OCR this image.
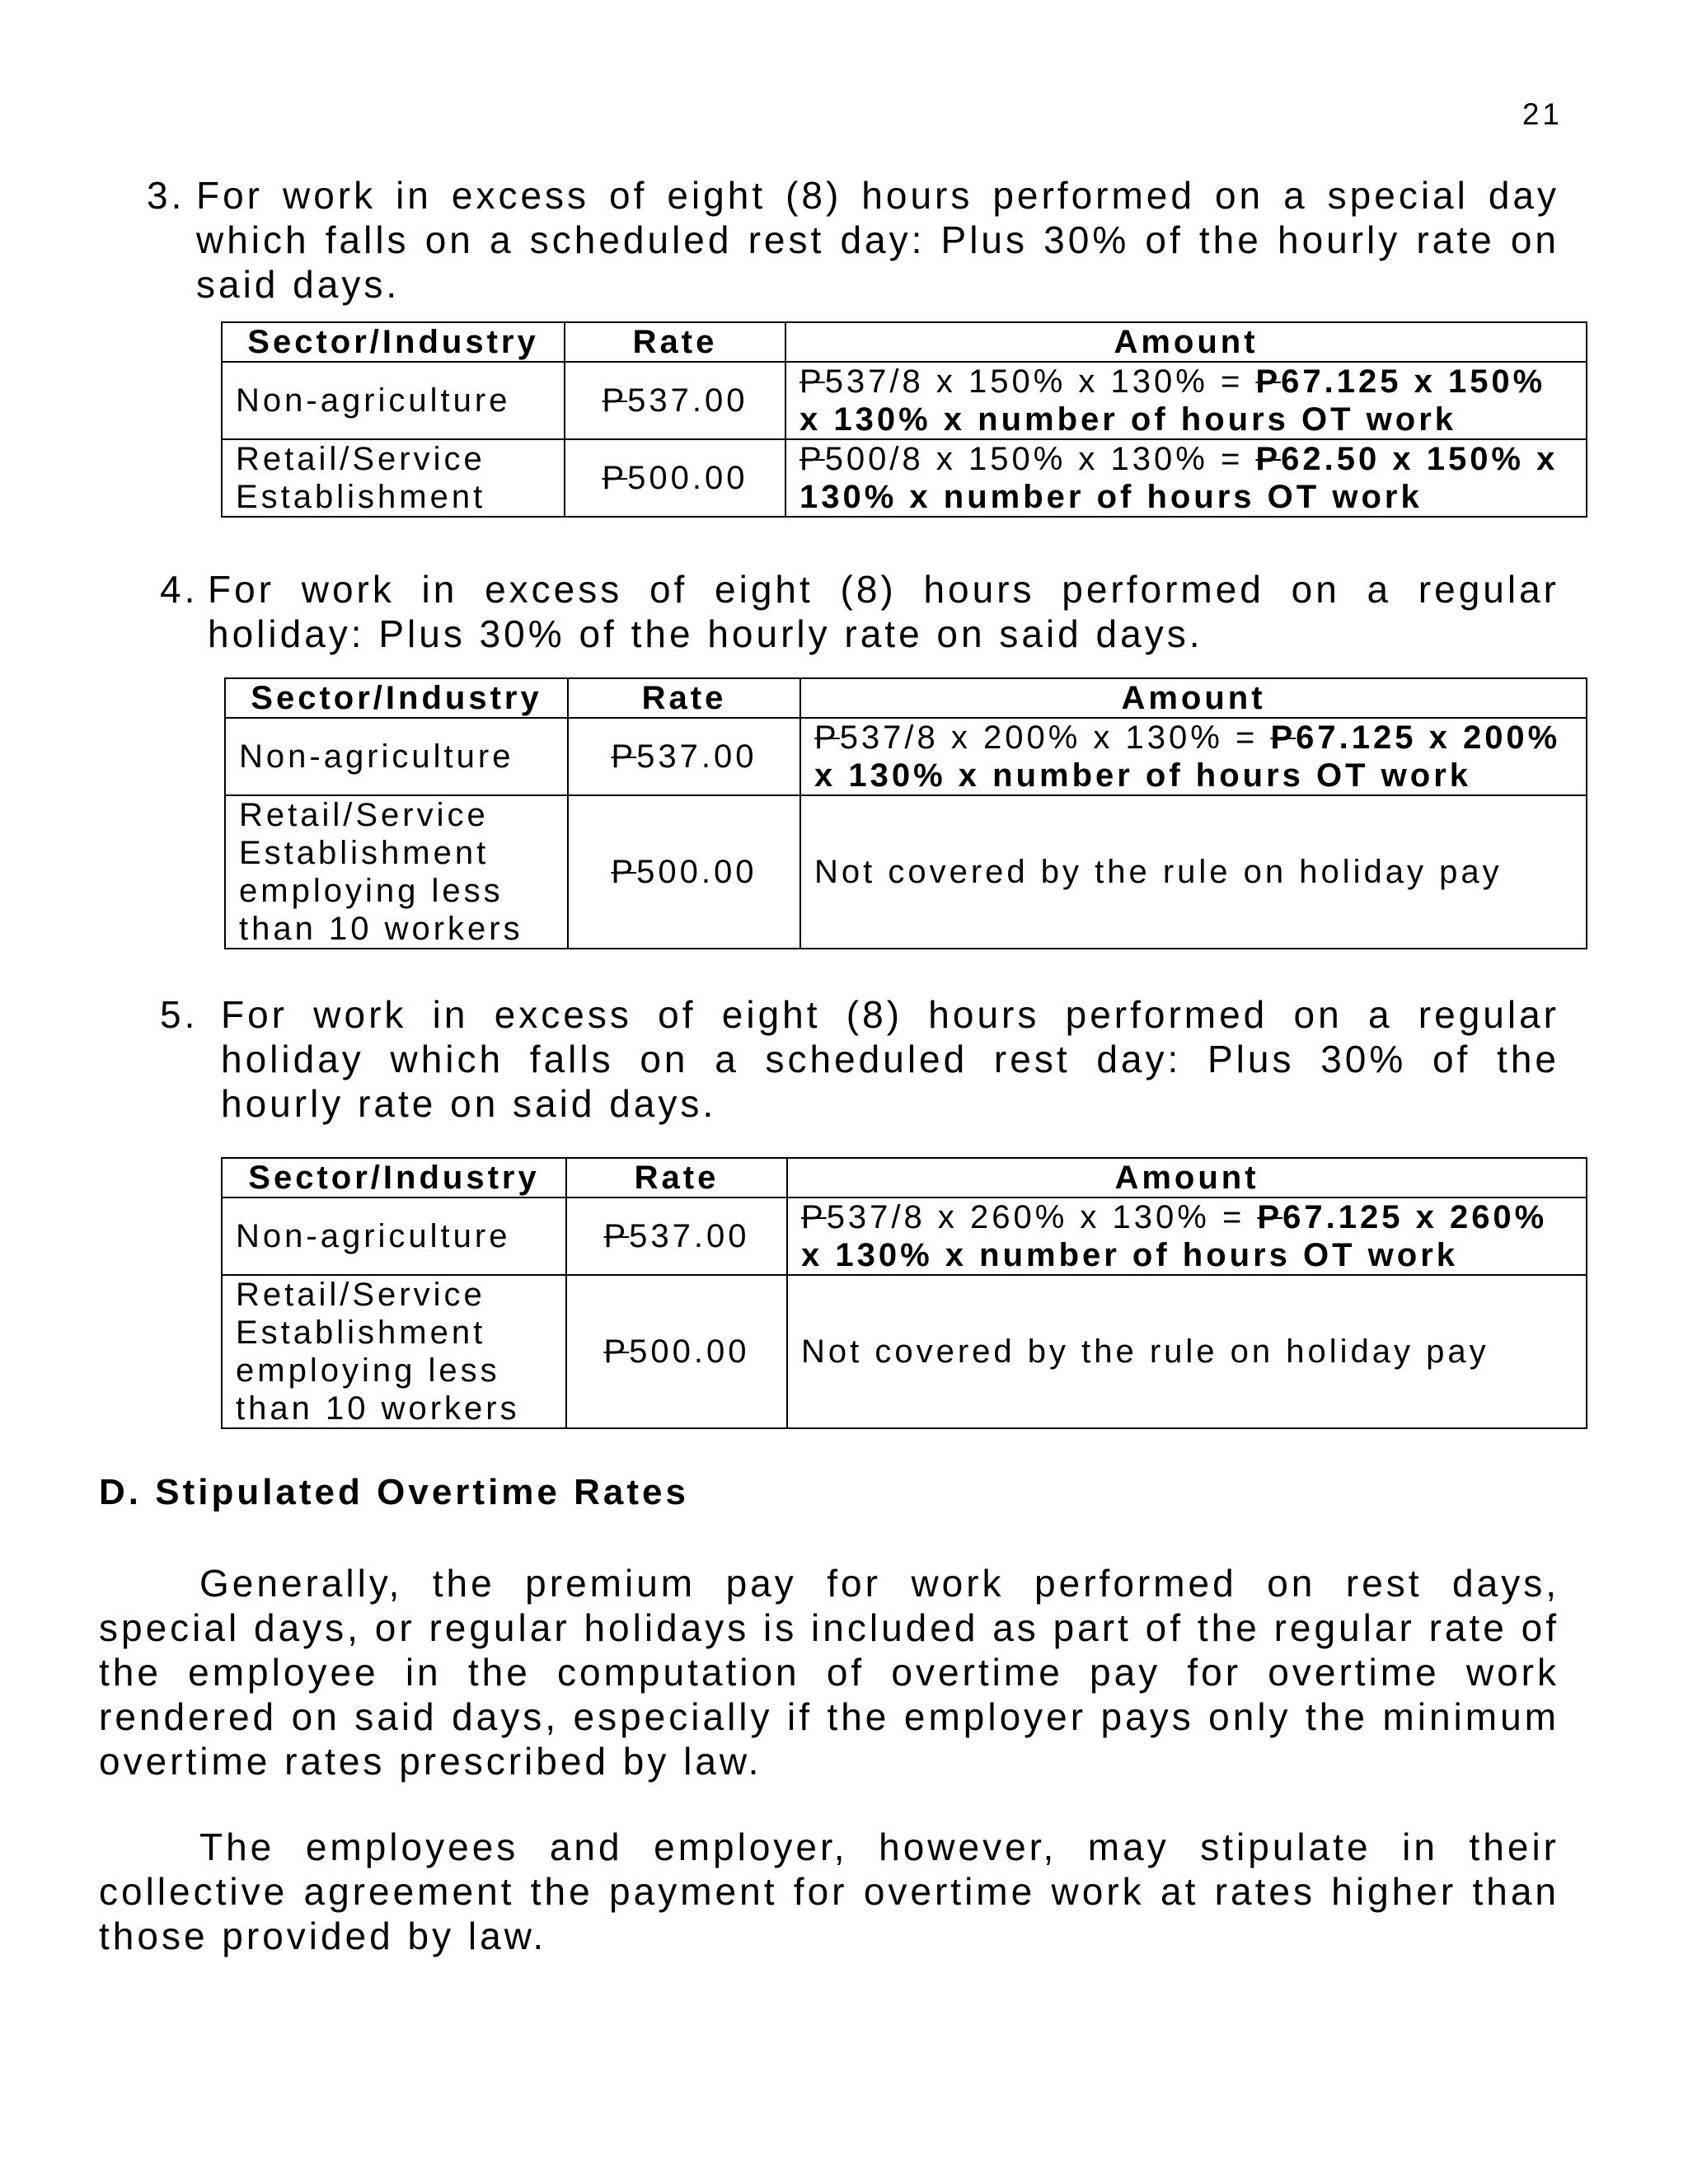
21
3. For work in excess of eight (8) hours performed on a special day which falls on a scheduled rest day: Plus 30% of the hourly rate on said days.
Sector/Industry	Rate	Amount
Non-agriculture	P537.00	P537/8 x 150% x 130% = P67.125 x 150% x 130% x number of hours OT work
Retail/Service Establishment	P500.00	P500/8 x 150% x 130% = P62.50 x 150% x 130% x number of hours OT work
4. For work in excess of eight (8) hours performed on a regular holiday: Plus 30% of the hourly rate on said days.
Sector/Industry	Rate	Amount
Non-agriculture	P537.00	P537/8 x 200% x 130% = P67.125 x 200% x 130% x number of hours OT work
Retail/Service Establishment employing less than 10 workers	P500.00	Not covered by the rule on holiday pay
5. For work in excess of eight (8) hours performed on a regular holiday which falls on a scheduled rest day: Plus 30% of the hourly rate on said days.
Sector/Industry	Rate	Amount
Non-agriculture	P537.00	P537/8 x 260% x 130% = P67.125 x 260% x 130% x number of hours OT work
Retail/Service Establishment employing less than 10 workers	P500.00	Not covered by the rule on holiday pay
D. Stipulated Overtime Rates

Generally, the premium pay for work performed on rest days, special days, or regular holidays is included as part of the regular rate of the employee in the computation of overtime pay for overtime work rendered on said days, especially if the employer pays only the minimum overtime rates prescribed by law.

The employees and employer, however, may stipulate in their collective agreement the payment for overtime work at rates higher than those provided by law.
